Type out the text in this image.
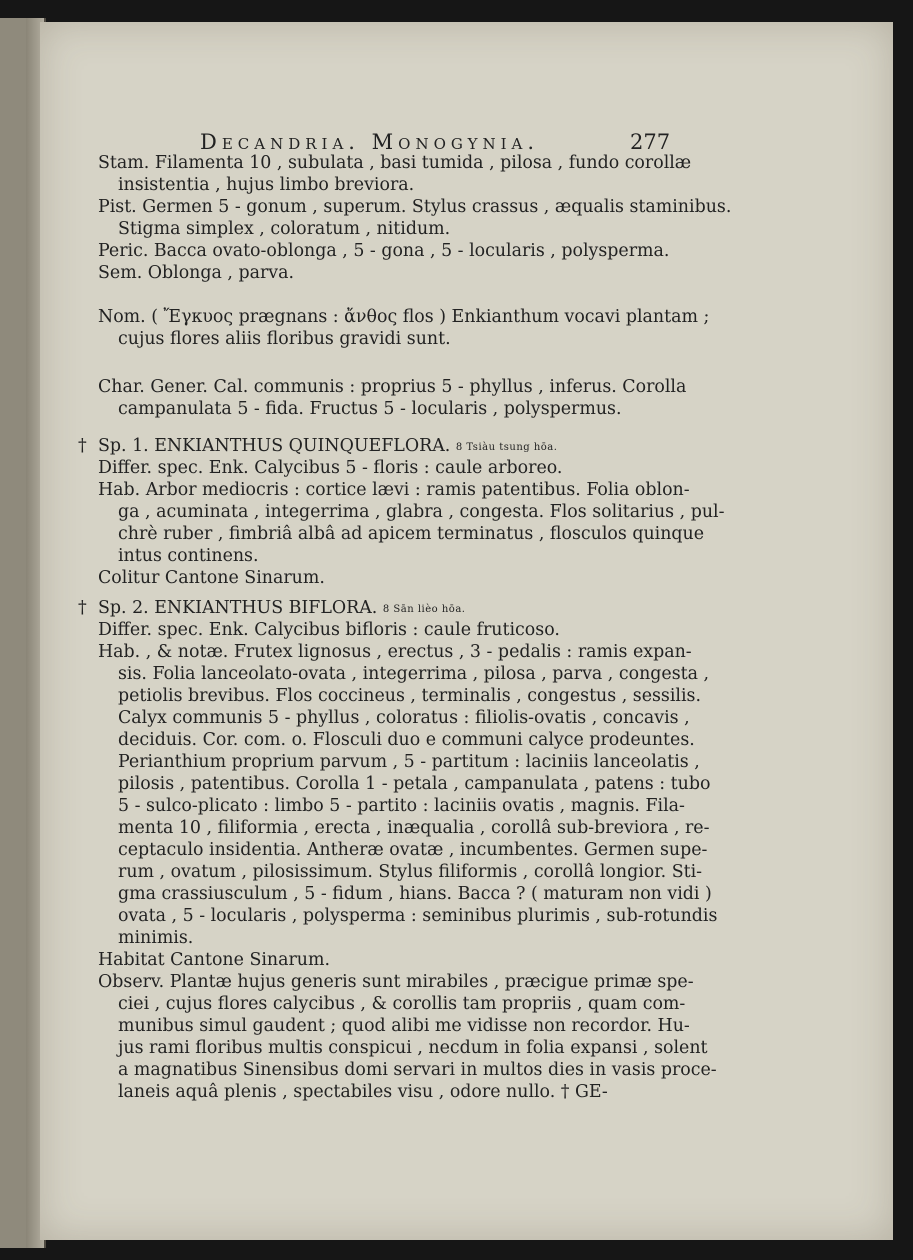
Decandria. Monogynia.	277
Stam. Filamenta 10 , subulata , basi tumida , pilosa , fundo corollæ
insistentia , hujus limbo breviora.
Pist. Germen 5 - gonum , superum. Stylus crassus , æqualis staminibus.
Stigma simplex , coloratum , nitidum.
Peric. Bacca ovato-oblonga , 5 - gona , 5 - locularis , polysperma.
Sem. Oblonga , parva.
Nom. ( Ἔγκυος prægnans : ἄνθος flos ) Enkianthum vocavi plantam ;
cujus flores aliis floribus gravidi sunt.
Char. Gener. Cal. communis : proprius 5 - phyllus , inferus. Corolla
campanulata 5 - fida. Fructus 5 - locularis , polyspermus.
† Sp. 1. ENKIANTHUS QUINQUEFLORA. 8 Tsiàu tsung hōa.
Differ. spec. Enk. Calycibus 5 - floris : caule arboreo.
Hab. Arbor mediocris : cortice lævi : ramis patentibus. Folia oblon-
ga , acuminata , integerrima , glabra , congesta. Flos solitarius , pul-
chrè ruber , fimbriâ albâ ad apicem terminatus , flosculos quinque
intus continens.
Colitur Cantone Sinarum.
† Sp. 2. ENKIANTHUS BIFLORA. 8 Sān lièo hōa.
Differ. spec. Enk. Calycibus bifloris : caule fruticoso.
Hab. , & notæ. Frutex lignosus , erectus , 3 - pedalis : ramis expan-
sis. Folia lanceolato-ovata , integerrima , pilosa , parva , congesta ,
petiolis brevibus. Flos coccineus , terminalis , congestus , sessilis.
Calyx communis 5 - phyllus , coloratus : filiolis-ovatis , concavis ,
deciduis. Cor. com. o. Flosculi duo e communi calyce prodeuntes.
Perianthium proprium parvum , 5 - partitum : laciniis lanceolatis ,
pilosis , patentibus. Corolla 1 - petala , campanulata , patens : tubo
5 - sulco-plicato : limbo 5 - partito : laciniis ovatis , magnis. Fila-
menta 10 , filiformia , erecta , inæqualia , corollâ sub-breviora , re-
ceptaculo insidentia. Antheræ ovatæ , incumbentes. Germen supe-
rum , ovatum , pilosissimum. Stylus filiformis , corollâ longior. Sti-
gma crassiusculum , 5 - fidum , hians. Bacca ? ( maturam non vidi )
ovata , 5 - locularis , polysperma : seminibus plurimis , sub-rotundis
minimis.
Habitat Cantone Sinarum.
Observ. Plantæ hujus generis sunt mirabiles , præcigue primæ spe-
ciei , cujus flores calycibus , & corollis tam propriis , quam com-
munibus simul gaudent ; quod alibi me vidisse non recordor. Hu-
jus rami floribus multis conspicui , necdum in folia expansi , solent
a magnatibus Sinensibus domi servari in multos dies in vasis proce-
laneis aquâ plenis , spectabiles visu , odore nullo. † GE-
